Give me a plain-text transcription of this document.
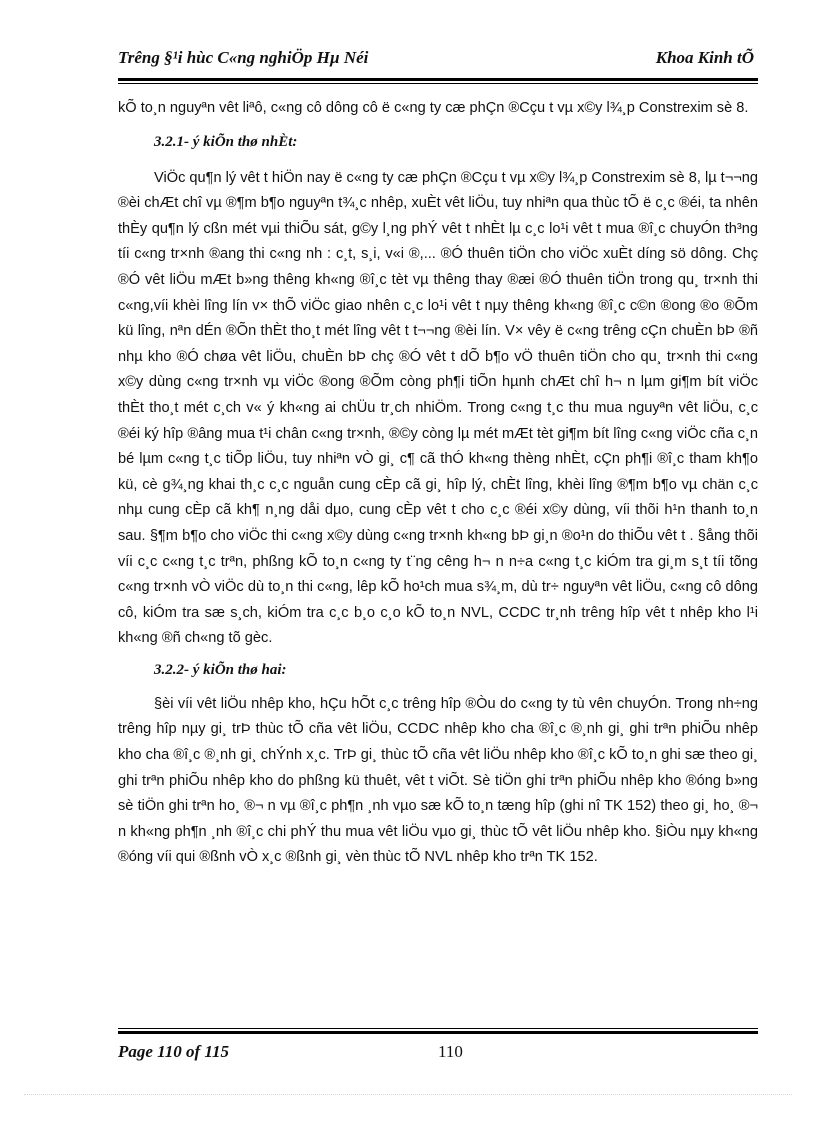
Trêng §¹i hùc C«ng nghiÖp Hµ Néi	Khoa Kinh tÕ

kÕ to¸n nguyªn vêt liªô, c«ng cô dông cô ë c«ng ty cæ phÇn ®Cçu t vµ x©y l¾¸p Constrexim sè 8.

3.2.1- ý kiÕn thø nhÈt:

ViÖc qu¶n lý vêt t hiÖn nay ë c«ng ty cæ phÇn ®Cçu t vµ x©y l¾¸p Constrexim sè 8, lµ t¬¬ng ®èi chÆt chî vµ ®¶m b¶o nguyªn t¾¸c nhêp, xuÈt vêt liÖu, tuy nhiªn qua thùc tÕ ë c¸c ®éi, ta nhên thÈy qu¶n lý cßn mét vµi thiÕu sát, g©y l¸ng phÝ vêt t nhÈt lµ c¸c lo¹i vêt t mua ®î¸c chuyÓn th³ng tíi c«ng tr×nh ®ang thi c«ng nh : c¸t, s¸i, v«i ®,... ®Ó thuên tiÖn cho viÖc xuÈt díng sö dông. Chç ®Ó vêt liÖu mÆt b»ng thêng kh«ng ®î¸c tèt vµ thêng thay ®æi ®Ó thuên tiÖn trong qu¸ tr×nh thi c«ng,víi khèi lîng lín v× thÕ viÖc giao nhên c¸c lo¹i vêt t nµy thêng kh«ng ®î¸c c©n ®ong ®o ®Õm kü lîng, nªn dÉn ®Õn thÈt tho¸t mét lîng vêt t t¬¬ng ®èi lín. V× vêy ë c«ng trêng cÇn chuÈn bÞ ®ñ nhµ kho ®Ó chøa vêt liÖu, chuÈn bÞ chç ®Ó vêt t dÕ b¶o vÖ thuên tiÖn cho qu¸ tr×nh thi c«ng x©y dùng c«ng tr×nh vµ viÖc ®ong ®Õm còng ph¶i tiÕn hµnh chÆt chî h¬ n lµm gi¶m bít viÖc thÈt tho¸t mét c¸ch v« ý kh«ng ai chÜu tr¸ch nhiÖm. Trong c«ng t¸c thu mua nguyªn vêt liÖu, c¸c ®éi ký hîp ®âng mua t¹i chân c«ng tr×nh, ®©y còng lµ mét mÆt tèt gi¶m bít lîng c«ng viÖc cña c¸n bé lµm c«ng t¸c tiÕp liÖu, tuy nhiªn vÒ gi¸ c¶ cã thÓ kh«ng thèng nhÈt, cÇn ph¶i ®î¸c tham kh¶o kü, cè g¾¸ng khai th¸c c¸c nguån cung cÈp cã gi¸ hîp lý, chÈt lîng, khèi lîng ®¶m b¶o vµ chän c¸c nhµ cung cÈp cã kh¶ n¸ng dåi dµo, cung cÈp vêt t cho c¸c ®éi x©y dùng, víi thõi h¹n thanh to¸n sau. §¶m b¶o cho viÖc thi c«ng x©y dùng c«ng tr×nh kh«ng bÞ gi¸n ®o¹n do thiÕu vêt t . §ång thõi víi c¸c c«ng t¸c trªn, phßng kÕ to¸n c«ng ty t¨ng cêng h¬ n n÷a c«ng t¸c kiÓm tra gi¸m s¸t tíi tõng c«ng tr×nh vÒ viÖc dù to¸n thi c«ng, lêp kÕ ho¹ch mua s¾¸m, dù tr÷ nguyªn vêt liÖu, c«ng cô dông cô, kiÓm tra sæ s¸ch, kiÓm tra c¸c b¸o c¸o kÕ to¸n NVL, CCDC tr¸nh trêng hîp vêt t nhêp kho l¹i kh«ng ®ñ ch«ng tõ gèc.

3.2.2- ý kiÕn thø hai:

§èi víi vêt liÖu nhêp kho, hÇu hÕt c¸c trêng hîp ®Òu do c«ng ty tù vên chuyÓn. Trong nh÷ng trêng hîp nµy gi¸ trÞ thùc tÕ cña vêt liÖu, CCDC nhêp kho cha ®î¸c ®¸nh gi¸ ghi trªn phiÕu nhêp kho cha ®î¸c ®¸nh gi¸ chÝnh x¸c. TrÞ gi¸ thùc tÕ cña vêt liÖu nhêp kho ®î¸c kÕ to¸n ghi sæ theo gi¸ ghi trªn phiÕu nhêp kho do phßng kü thuêt, vêt t viÕt. Sè tiÖn ghi trªn phiÕu nhêp kho ®óng b»ng sè tiÖn ghi trªn ho¸ ®¬ n vµ ®î¸c ph¶n ¸nh vµo sæ kÕ to¸n tæng hîp (ghi nî TK 152) theo gi¸ ho¸ ®¬ n kh«ng ph¶n ¸nh ®î¸c chi phÝ thu mua vêt liÖu vµo gi¸ thùc tÕ vêt liÖu nhêp kho. §iÒu nµy kh«ng ®óng víi qui ®ßnh vÒ x¸c ®ßnh gi¸ vèn thùc tÕ NVL nhêp kho trªn TK 152.

Page 110 of 115	110
